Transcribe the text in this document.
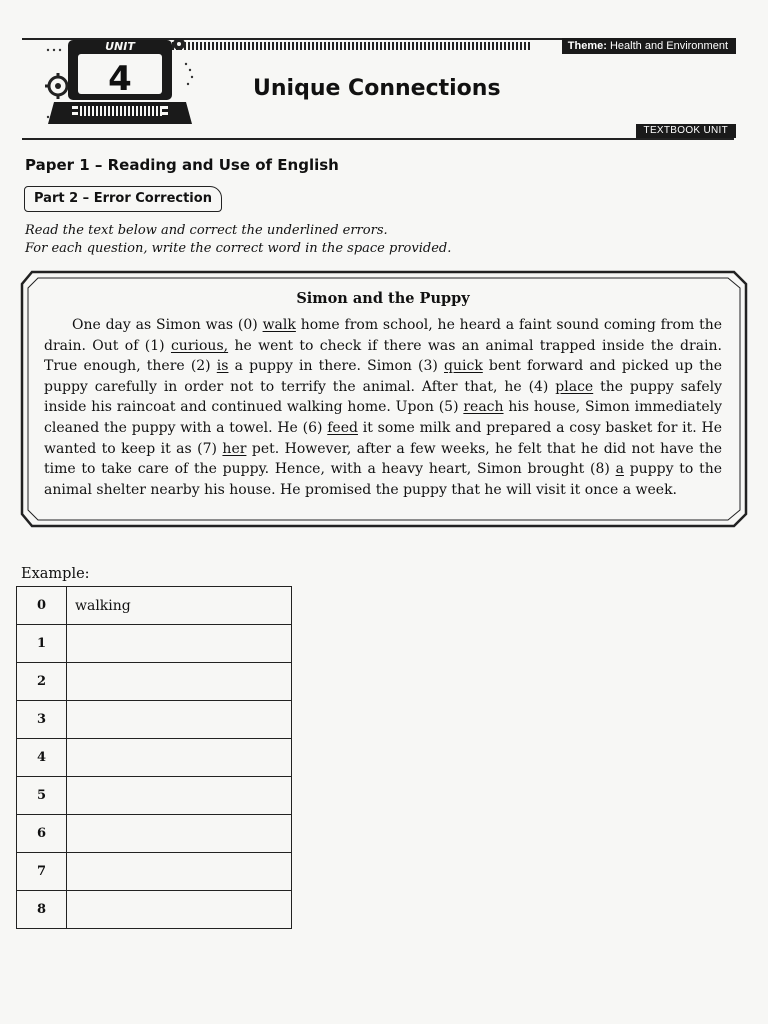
Theme: Health and Environment
UNIT
4	Unique Connections
TEXTBOOK UNIT
Paper 1 – Reading and Use of English
Part 2 – Error Correction
Read the text below and correct the underlined errors.
For each question, write the correct word in the space provided.
Simon and the Puppy

One day as Simon was (0) walk home from school, he heard a faint sound coming from the drain. Out of (1) curious, he went to check if there was an animal trapped inside the drain. True enough, there (2) is a puppy in there. Simon (3) quick bent forward and picked up the puppy carefully in order not to terrify the animal. After that, he (4) place the puppy safely inside his raincoat and continued walking home. Upon (5) reach his house, Simon immediately cleaned the puppy with a towel. He (6) feed it some milk and prepared a cosy basket for it. He wanted to keep it as (7) her pet. However, after a few weeks, he felt that he did not have the time to take care of the puppy. Hence, with a heavy heart, Simon brought (8) a puppy to the animal shelter nearby his house. He promised the puppy that he will visit it once a week.

Example:
0	walking
1	
2	
3	
4	
5	
6	
7	
8	
